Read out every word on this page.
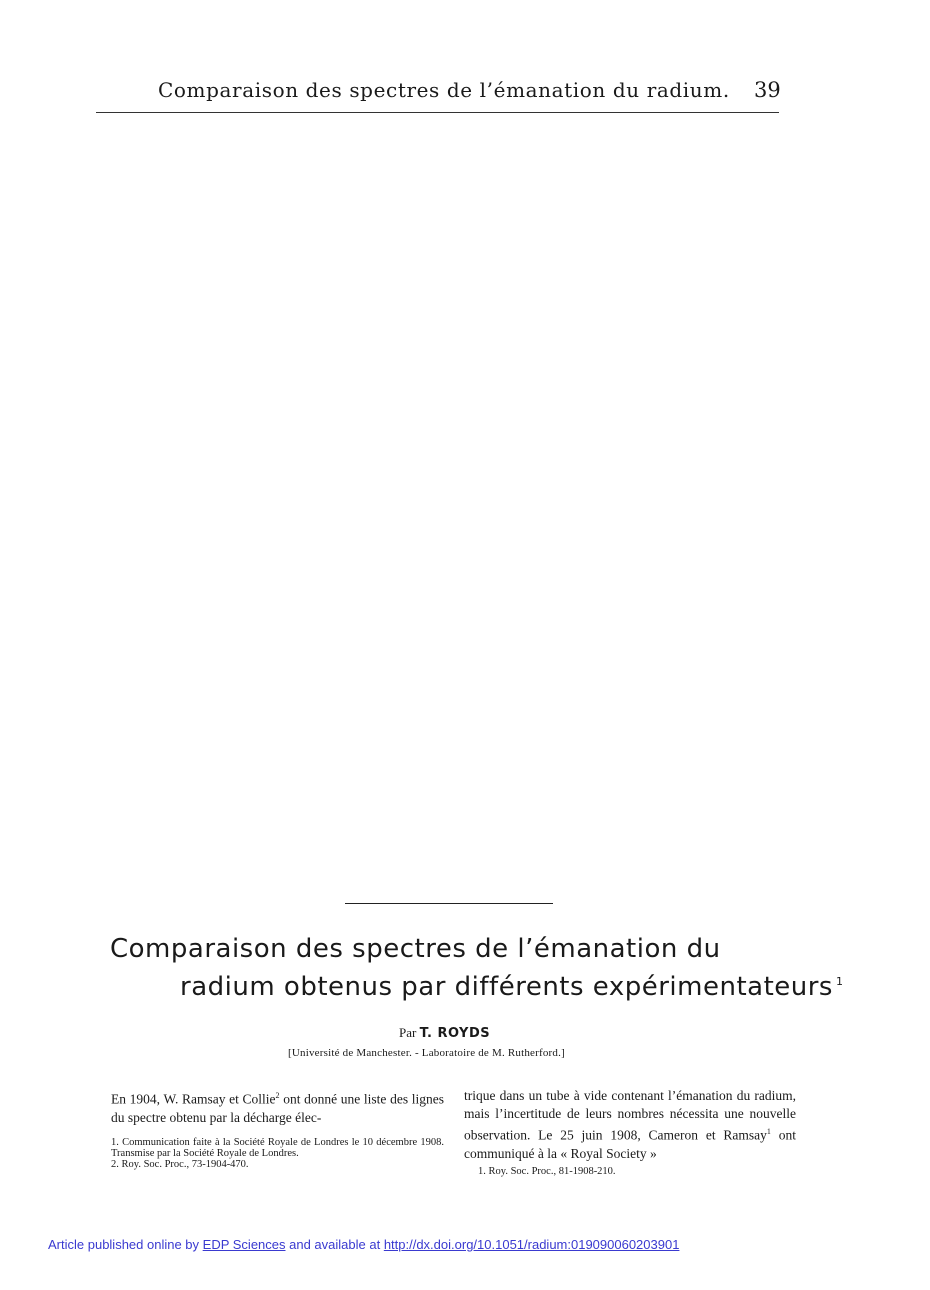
Comparaison des spectres de l’émanation du radium. 39
Comparaison des spectres de l’émanation du
radium obtenus par différents expérimentateurs $^1$
Par T. ROYDS
[Université de Manchester. - Laboratoire de M. Rutherford.]

En 1904, W. Ramsay et Collie$^2$ ont donné une liste des lignes du spectre obtenu par la décharge élec-

1. Communication faite à la Société Royale de Londres le 10 décembre 1908. Transmise par la Société Royale de Londres.

2. Roy. Soc. Proc., 73-1904-470.

trique dans un tube à vide contenant l’émanation du radium, mais l’incertitude de leurs nombres nécessita une nouvelle observation. Le 25 juin 1908, Cameron et Ramsay$^1$ ont communiqué à la « Royal Society »

1. Roy. Soc. Proc., 81-1908-210.

Article published online by EDP Sciences and available at http://dx.doi.org/10.1051/radium:019090060203901
